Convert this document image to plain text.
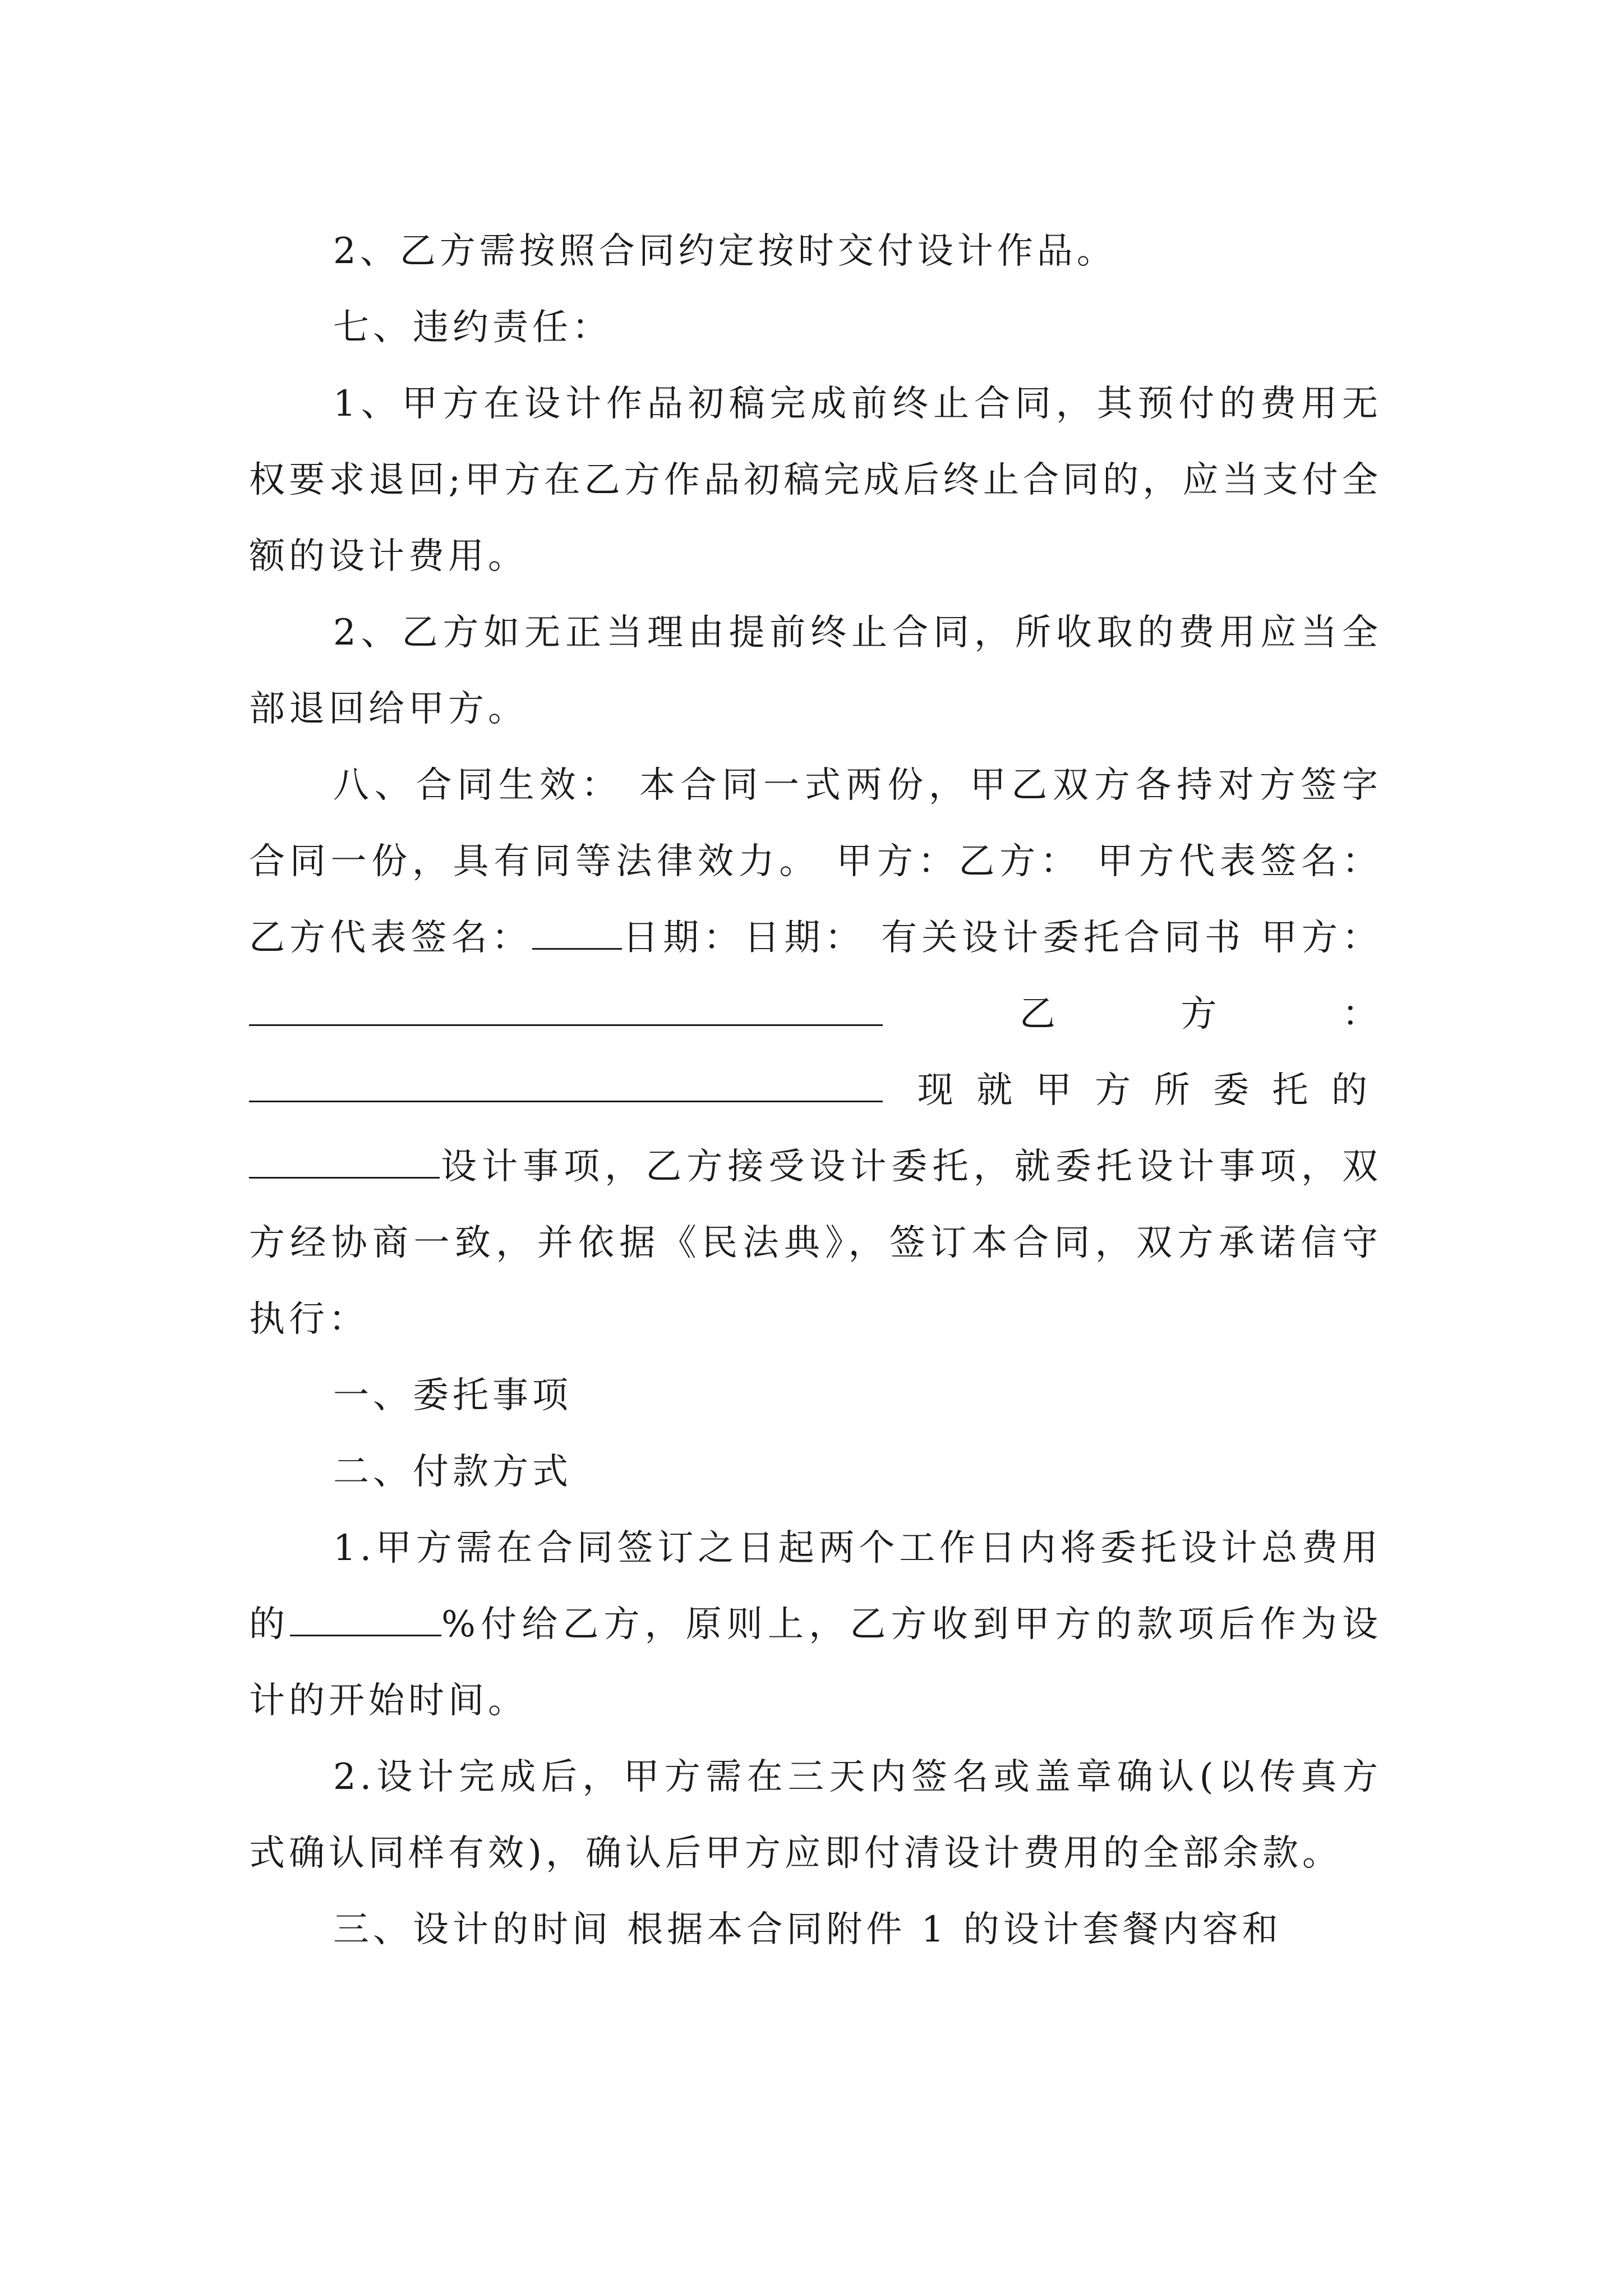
2、乙方需按照合同约定按时交付设计作品。

七、违约责任：

1、甲方在设计作品初稿完成前终止合同，其预付的费用无权要求退回;甲方在乙方作品初稿完成后终止合同的，应当支付全额的设计费用。

2、乙方如无正当理由提前终止合同，所收取的费用应当全部退回给甲方。

八、合同生效： 本合同一式两份，甲乙双方各持对方签字合同一份，具有同等法律效力。 甲方：乙方： 甲方代表签名：乙方代表签名：	日期：日期： 有关设计委托合同书 甲方： 乙方： 现就甲方所委托的设计事项，乙方接受设计委托，就委托设计事项，双方经协商一致，并依据《民法典》，签订本合同，双方承诺信守执行：

一、委托事项

二、付款方式

1.甲方需在合同签订之日起两个工作日内将委托设计总费用的	%付给乙方，原则上，乙方收到甲方的款项后作为设计的开始时间。

2.设计完成后，甲方需在三天内签名或盖章确认(以传真方式确认同样有效)，确认后甲方应即付清设计费用的全部余款。

三、设计的时间 根据本合同附件 1 的设计套餐内容和
